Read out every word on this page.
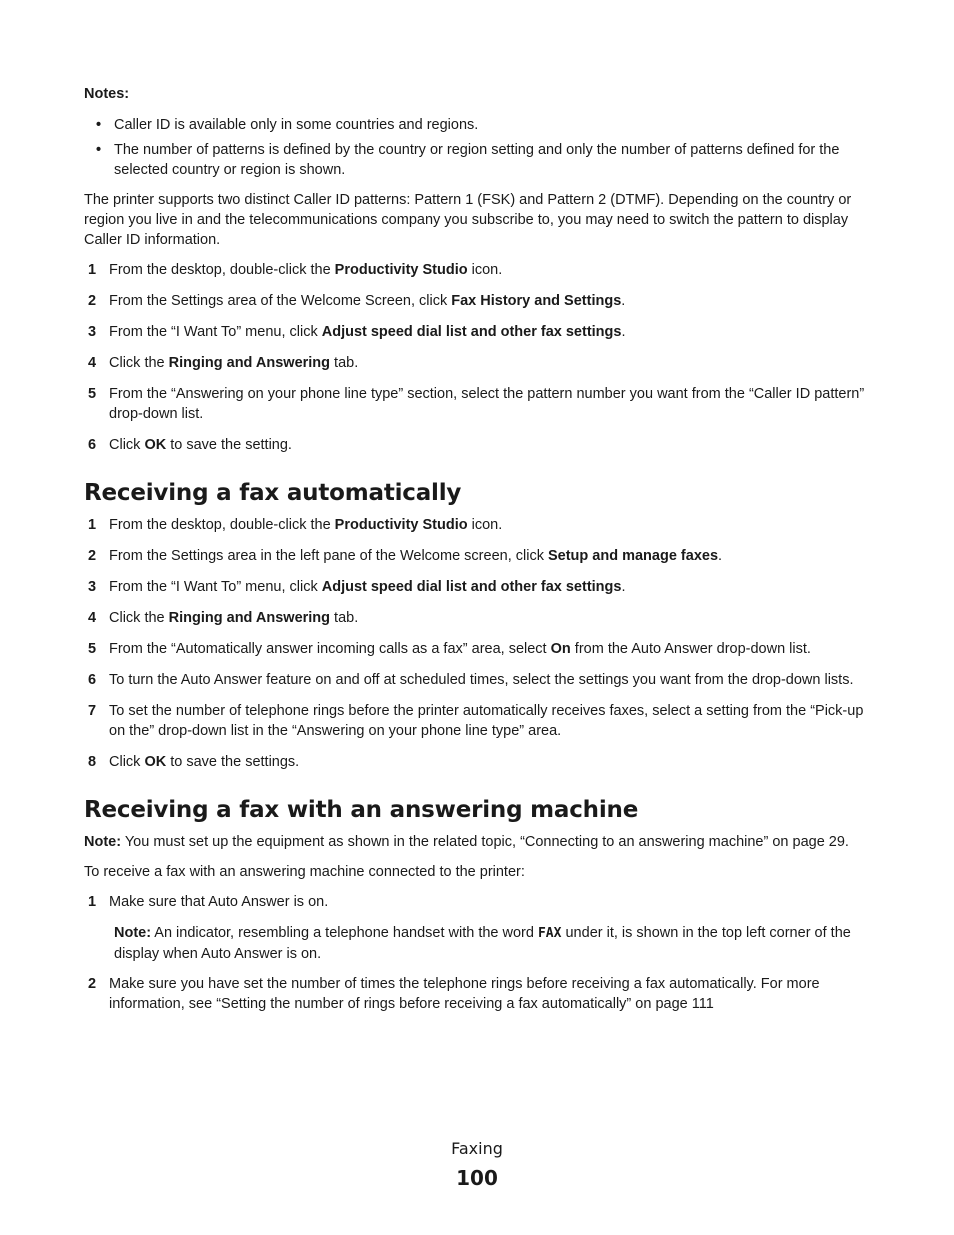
Notes:

• Caller ID is available only in some countries and regions.
• The number of patterns is defined by the country or region setting and only the number of patterns defined for the selected country or region is shown.

The printer supports two distinct Caller ID patterns: Pattern 1 (FSK) and Pattern 2 (DTMF). Depending on the country or region you live in and the telecommunications company you subscribe to, you may need to switch the pattern to display Caller ID information.

1 From the desktop, double-click the Productivity Studio icon.
2 From the Settings area of the Welcome Screen, click Fax History and Settings.
3 From the “I Want To” menu, click Adjust speed dial list and other fax settings.
4 Click the Ringing and Answering tab.
5 From the “Answering on your phone line type” section, select the pattern number you want from the “Caller ID pattern” drop-down list.
6 Click OK to save the setting.
Receiving a fax automatically
1 From the desktop, double-click the Productivity Studio icon.
2 From the Settings area in the left pane of the Welcome screen, click Setup and manage faxes.
3 From the “I Want To” menu, click Adjust speed dial list and other fax settings.
4 Click the Ringing and Answering tab.
5 From the “Automatically answer incoming calls as a fax” area, select On from the Auto Answer drop-down list.
6 To turn the Auto Answer feature on and off at scheduled times, select the settings you want from the drop-down lists.
7 To set the number of telephone rings before the printer automatically receives faxes, select a setting from the “Pick-up on the” drop-down list in the “Answering on your phone line type” area.
8 Click OK to save the settings.
Receiving a fax with an answering machine

Note: You must set up the equipment as shown in the related topic, “Connecting to an answering machine” on page 29.

To receive a fax with an answering machine connected to the printer:

1 Make sure that Auto Answer is on.

Note: An indicator, resembling a telephone handset with the word FAX under it, is shown in the top left corner of the display when Auto Answer is on.

2 Make sure you have set the number of times the telephone rings before receiving a fax automatically. For more information, see “Setting the number of rings before receiving a fax automatically” on page 111
Faxing
100
